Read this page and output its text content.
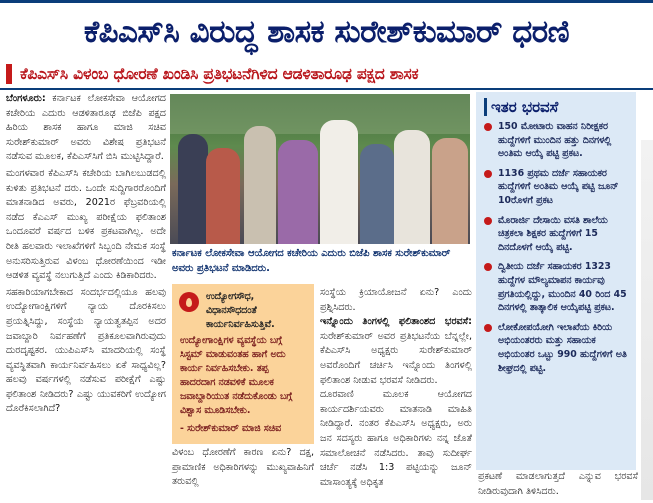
ಕೆಪಿಎಸ್‌ಸಿ ವಿರುದ್ಧ ಶಾಸಕ ಸುರೇಶ್‌ಕುಮಾರ್ ಧರಣಿ
ಕೆಪಿಎಸ್‌ಸಿ ವಿಳಂಬ ಧೋರಣೆ ಖಂಡಿಸಿ ಪ್ರತಿಭಟನೆಗಿಳಿದ ಆಡಳಿತಾರೂಢ ಪಕ್ಷದ ಶಾಸಕ

ಬೆಂಗಳೂರು: ಕರ್ನಾಟಕ ಲೋಕಸೇವಾ ಆಯೋಗದ ಕಚೇರಿಯ ಎದುರು ಆಡಳಿತಾರೂಢ ಬಿಜೆಪಿ ಪಕ್ಷದ ಹಿರಿಯ ಶಾಸಕ ಹಾಗೂ ಮಾಜಿ ಸಚಿವ ಸುರೇಶ್‌ಕುಮಾರ್ ಅವರು ವಿಶೇಷ ಪ್ರತಿಭಟನೆ ನಡೆಸುವ ಮೂಲಕ, ಕೆಪಿಎಸ್‌ಸಿಗೆ ಬಿಸಿ ಮುಟ್ಟಿಸಿದ್ದಾರೆ.

ಮಂಗಳವಾರ ಕೆಪಿಎಸ್‌ಸಿ ಕಚೇರಿಯ ಬಾಗಿಲಬುಡದಲ್ಲಿ ಕುಳಿತು ಪ್ರತಿಭಟನೆ ದರು. ಒಂದೇ ಸುದ್ದಿಗಾರರೊಂದಿಗೆ ಮಾತನಾಡಿದ ಅವರು, 2021ರ ಫೆಬ್ರವರಿಯಲ್ಲಿ ನಡೆದ ಕೆಎಎಸ್ ಮುಖ್ಯ ಪರೀಕ್ಷೆಯ ಫಲಿತಾಂಶ ಒಂದೂವರೆ ವರ್ಷದ ಬಳಿಕ ಪ್ರಕಟವಾಗಿಲ್ಲ. ಅದೇ ರೀತಿ ಹಲವಾರು ಇಲಾಖೆಗಳಿಗೆ ಸಿಬ್ಬಂದಿ ನೇಮಕ ಸಂಸ್ಥೆ ಅನುಸರಿಸುತ್ತಿರುವ ವಿಳಂಬ ಧೋರಣೆಯಿಂದ ಇಡೀ ಆಡಳಿತ ವ್ಯವಸ್ಥೆ ನಲುಗುತ್ತಿದೆ ಎಂದು ಕಿಡಿಕಾರಿದರು.

ಸಹಕಾರಿಯಾಗಬೇಕಾದ ಸಂದರ್ಭದಲ್ಲಿಯೂ ಹಲವು ಉದ್ಯೋಗಾಂಕ್ಷಿಗಳಿಗೆ ನ್ಯಾಯ ದೊರಕಿಸಲು ಪ್ರಯತ್ನಿಸಿದ್ದು, ಸಂಸ್ಥೆಯ ನ್ಯಾಯತ್ವತಪ್ಪಿನ ಅದರ ಜವಾಬ್ದಾರಿ ನಿರ್ವಹಣೆಗೆ ಪ್ರತಿಕೂಲವಾಗಿರುವುದು ದುರದೃಷ್ಟಕರ. ಯುಪಿಎಸ್‌ಸಿ ಮಾದರಿಯಲ್ಲಿ ಸಂಸ್ಥೆ ವ್ಯವಸ್ಥಿತವಾಗಿ ಕಾರ್ಯನಿರ್ವಹಿಸಲು ಏಕೆ ಸಾಧ್ಯವಿಲ್ಲ? ಹಲವು ವರ್ಷಗಳಲ್ಲಿ ನಡೆಸುವ ಪರೀಕ್ಷೆಗೆ ಎಷ್ಟು ಫಲಿತಾಂಶ ನೀಡಿದರು? ಎಷ್ಟು ಯುವಕರಿಗೆ ಉದ್ಯೋಗ ದೊರೆಕಿಸಲಾಗಿದೆ?

ಕರ್ನಾಟಕ ಲೋಕಸೇವಾ ಆಯೋಗದ ಕಚೇರಿಯ ಎದುರು ಬಿಜೆಪಿ ಶಾಸಕ ಸುರೇಶ್‌ಕುಮಾರ್ ಅವರು ಪ್ರತಿಭಟನೆ ಮಾಡಿದರು.
ಉದ್ಯೋಗಸೌಧ, ವಿಧಾನಸೌಧದಂತೆ ಕಾರ್ಯನಿರ್ವಹಿಸುತ್ತಿವೆ.
ಉದ್ಯೋಗಾಂಕ್ಷಿಗಳ ವ್ಯವಸ್ಥೆಯ ಬಗ್ಗೆ ಸಿಸ್ಟಮ್ ಮಾಡುವಂತಹ ಹಾಗೆ ಅದು ಕಾರ್ಯ ನಿರ್ವಹಿಸಬೇಕು. ತಪ್ಪ ಹಾದರದಾಗ ನಡವಳಿಕೆ ಮೂಲಕ ಜವಾಬ್ದಾರಿಯುತ ನಡೆದುಕೊಂಡು ಬಗ್ಗೆ ವಿಶ್ವಾಸ ಮೂಡಿಸಬೇಕು.
- ಸುರೇಶ್‌ಕುಮಾರ್ ಮಾಜಿ ಸಚಿವ
ವಿಳಂಬ ಧೋರಣೆಗೆ ಕಾರಣ ಏನು? ದಕ್ಷ, ಪ್ರಾಮಾಣಿಕ ಅಧಿಕಾರಿಗಳನ್ನು ಮುಖ್ಯವಾಹಿನಿಗೆ ತರುವಲ್ಲಿ

ಸಂಸ್ಥೆಯ ಕ್ರಿಯಾಯೋಜನೆ ಏನು? ಎಂದು ಪ್ರಶ್ನಿಸಿದರು.

ಇನ್ನೊಂದು ತಿಂಗಳಲ್ಲಿ ಫಲಿತಾಂಶದ ಭರವಸೆ: ಸುರೇಶ್‌ಕುಮಾರ್ ಅವರ ಪ್ರತಿಭಟನೆಯ ಬೆನ್ನಲ್ಲೇ, ಕೆಪಿಎಸ್‌ಸಿ ಅಧ್ಯಕ್ಷರು ಸುರೇಶ್‌ಕುಮಾರ್ ಅವರೊಂದಿಗೆ ಚರ್ಚಿಸಿ ಇನ್ನೊಂದು ತಿಂಗಳಲ್ಲಿ ಫಲಿತಾಂಶ ನೀಡುವ ಭರವಸೆ ನೀಡಿದರು.

ದೂರವಾಣಿ ಮೂಲಕ ಆಯೋಗದ ಕಾರ್ಯದರ್ಶಿಯವರು ಮಾತನಾಡಿ ಮಾಹಿತಿ ನೀಡಿದ್ದಾರೆ. ನಂತರ ಕೆಪಿಎಸ್‌ಸಿ ಅಧ್ಯಕ್ಷರು, ಅರು ಜನ ಸದಸ್ಯರು ಹಾಗೂ ಅಧಿಕಾರಿಗಳು ನನ್ನ ಜೊತೆ ಸಮಾಲೋಚನೆ ನಡೆಸಿದರು. ತಾವು ಸುದೀರ್ಘ ಚರ್ಚೆ ನಡೆಸಿ 1:3 ಪಟ್ಟಿಯನ್ನು ಜೂನ್ ಮಾಸಾಂತ್ಯಕ್ಕೆ ಅಧಿಕೃತ

ಇತರ ಭರವಸೆ
150 ಮೋಟಾರು ವಾಹನ ನಿರೀಕ್ಷಕರ ಹುದ್ದೆಗಳಿಗೆ ಮುಂದಿನ ಹತ್ತು ದಿನಗಳಲ್ಲಿ ಅಂತಿಮ ಆಯ್ಕೆ ಪಟ್ಟಿ ಪ್ರಕಟ.
1136 ಪ್ರಥಮ ದರ್ಜೆ ಸಹಾಯಕರ ಹುದ್ದೆಗಳಿಗೆ ಅಂತಿಮ ಆಯ್ಕೆ ಪಟ್ಟಿ ಜೂನ್ 10ರೊಳಗೆ ಪ್ರಕಟ
ಮೊರಾರ್ಜಿ ದೇಸಾಯಿ ವಸತಿ ಶಾಲೆಯ ಚಿತ್ರಕಲಾ ಶಿಕ್ಷಕರ ಹುದ್ದೆಗಳಿಗೆ 15 ದಿನದೊಳಗೆ ಆಯ್ಕೆ ಪಟ್ಟಿ.
ದ್ವಿತೀಯ ದರ್ಜೆ ಸಹಾಯಕರ 1323 ಹುದ್ದೆಗಳ ಮೌಲ್ಯಮಾಪನ ಕಾರ್ಯವು ಪ್ರಗತಿಯಲ್ಲಿದ್ದು, ಮುಂದಿನ 40 ರಿಂದ 45 ದಿನಗಳಲ್ಲಿ ತಾತ್ಕಾಲಿಕ ಆಯ್ಕೆಪಟ್ಟಿ ಪ್ರಕಟ.
ಲೋಕೋಪಯೋಗಿ ಇಲಾಖೆಯ ಕಿರಿಯ ಅಭಿಯಂತರರು ಮತ್ತು ಸಹಾಯಕ ಅಭಿಯಂತರ ಒಟ್ಟು 990 ಹುದ್ದೆಗಳಿಗೆ ಅತಿ ಶೀಘ್ರದಲ್ಲಿ ಪಟ್ಟಿ.
ಪ್ರಕಟಣೆ ಮಾಡಲಾಗುತ್ತದೆ ಎನ್ನುವ ಭರವಸೆ ನೀಡಿರುವುದಾಗಿ ತಿಳಿಸಿದರು.
